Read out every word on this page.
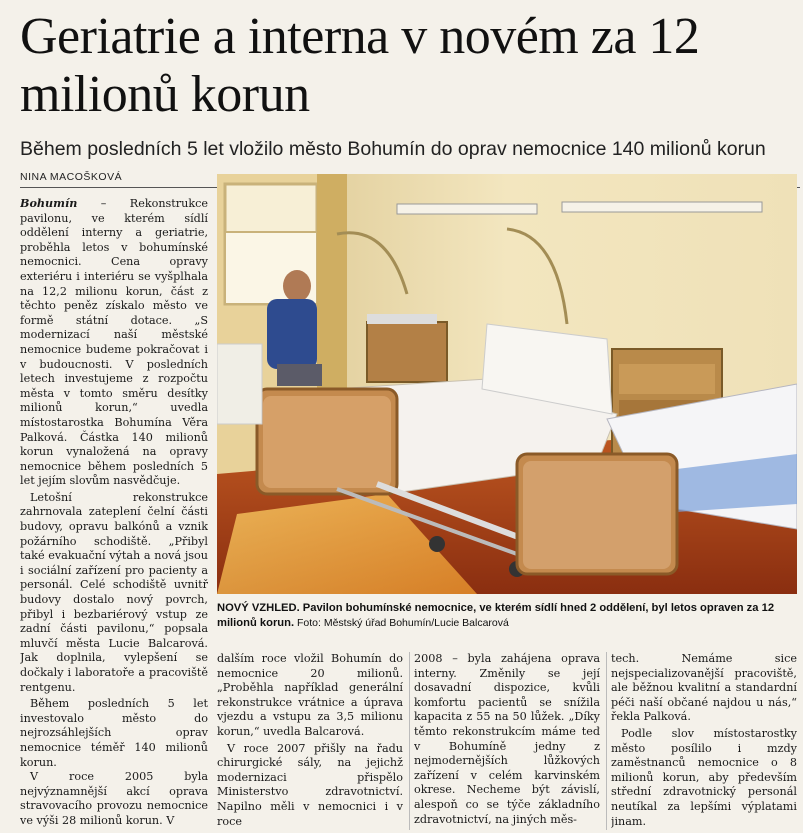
Geriatrie a interna v novém za 12 milionů korun

Během posledních 5 let vložilo město Bohumín do oprav nemocnice 140 milionů korun

NINA MACOŠKOVÁ

Bohumín – Rekonstrukce pavilonu, ve kterém sídlí oddělení interny a geriatrie, proběhla letos v bohumínské nemocnici. Cena opravy exteriéru i interiéru se vyšplhala na 12,2 milionu korun, část z těchto peněz získalo město ve formě státní dotace. „S modernizací naší městské nemocnice budeme pokračovat i v budoucnosti. V posledních letech investujeme z rozpočtu města v tomto směru desítky milionů korun,“ uvedla místostarostka Bohumína Věra Palková. Částka 140 milionů korun vynaložená na opravy nemocnice během posledních 5 let jejím slovům nasvědčuje.

Letošní rekonstrukce zahrnovala zateplení čelní části budovy, opravu balkónů a vznik požárního schodiště. „Přibyl také evakuační výtah a nová jsou i sociální zařízení pro pacienty a personál. Celé schodiště uvnitř budovy dostalo nový povrch, přibyl i bezbariérový vstup ze zadní části pavilonu,“ popsala mluvčí města Lucie Balcarová. Jak doplnila, vylepšení se dočkaly i laboratoře a pracoviště rentgenu.

Během posledních 5 let investovalo město do nejrozsáhlejších oprav nemocnice téměř 140 milionů korun.

V roce 2005 byla nejvýznamnější akcí oprava stravovacího provozu nemocnice ve výši 28 milionů korun. V

NOVÝ VZHLED. Pavilon bohumínské nemocnice, ve kterém sídlí hned 2 oddělení, byl letos opraven za 12 milionů korun. Foto: Městský úřad Bohumín/Lucie Balcarová

dalším roce vložil Bohumín do nemocnice 20 milionů. „Proběhla například generální rekonstrukce vrátnice a úprava vjezdu a vstupu za 3,5 milionu korun,“ uvedla Balcarová.

V roce 2007 přišly na řadu chirurgické sály, na jejichž modernizaci přispělo Ministerstvo zdravotnictví. Napilno měli v nemocnici i v roce

2008 – byla zahájena oprava interny. Změnily se její dosavadní dispozice, kvůli komfortu pacientů se snížila kapacita z 55 na 50 lůžek. „Díky těmto rekonstrukcím máme teď v Bohumíně jedny z nejmodernějších lůžkových zařízení v celém karvinském okrese. Necheme být závislí, alespoň co se týče základního zdravotnictví, na jiných měs-

tech. Nemáme sice nejspecializovanější pracoviště, ale běžnou kvalitní a standardní péči naší občané najdou u nás,“ řekla Palková.

Podle slov místostarostky město posílilo i mzdy zaměstnanců nemocnice o 8 milionů korun, aby především střední zdravotnický personál neutíkal za lepšími výplatami jinam.
